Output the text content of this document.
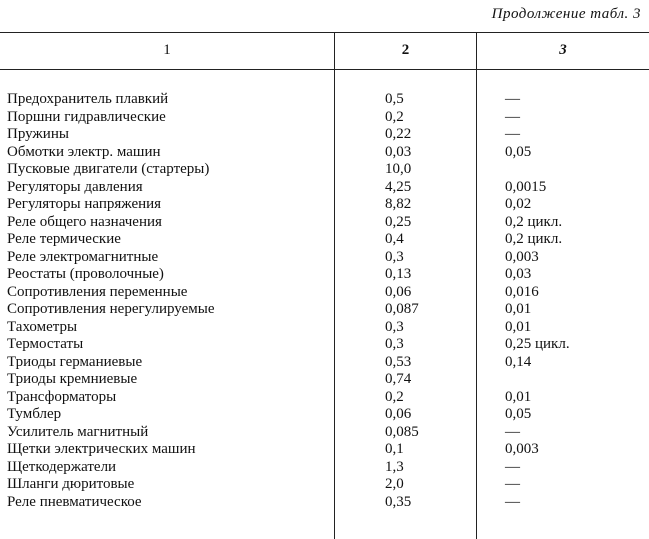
Продолжение табл. 3
1	2	3
Предохранитель плавкий	0,5	—
Поршни гидравлические	0,2	—
Пружины	0,22	—
Обмотки электр. машин	0,03	0,05
Пусковые двигатели (стартеры)	10,0
Регуляторы давления	4,25	0,0015
Регуляторы напряжения	8,82	0,02
Реле общего назначения	0,25	0,2 цикл.
Реле термические	0,4	0,2 цикл.
Реле электромагнитные	0,3	0,003
Реостаты (проволочные)	0,13	0,03
Сопротивления переменные	0,06	0,016
Сопротивления нерегулируемые	0,087	0,01
Тахометры	0,3	0,01
Термостаты	0,3	0,25 цикл.
Триоды германиевые	0,53	0,14
Триоды кремниевые	0,74
Трансформаторы	0,2	0,01
Тумблер	0,06	0,05
Усилитель магнитный	0,085	—
Щетки электрических машин	0,1	0,003
Щеткодержатели	1,3	—
Шланги дюритовые	2,0	—
Реле пневматическое	0,35	—
